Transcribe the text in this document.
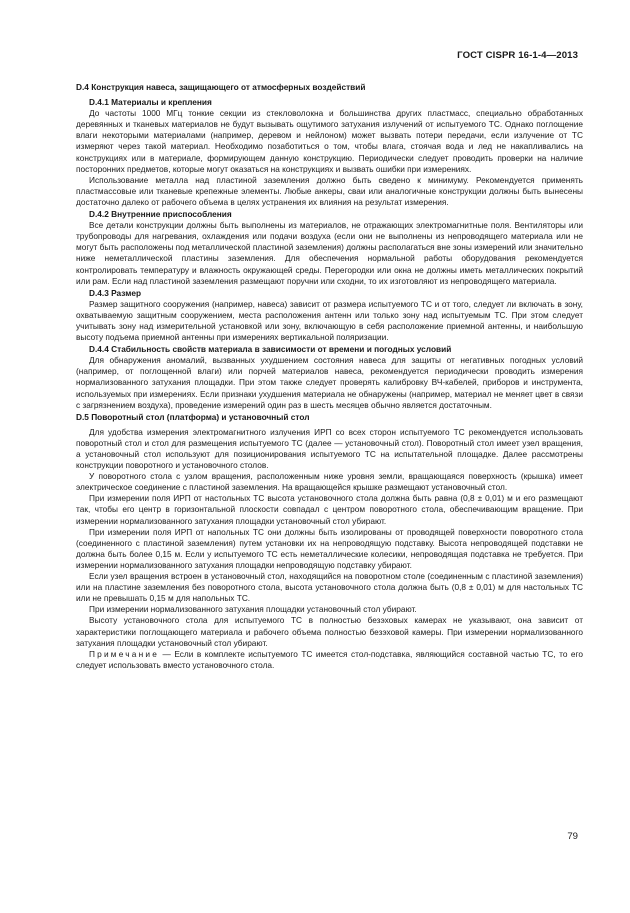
ГОСТ CISPR 16-1-4—2013
D.4 Конструкция навеса, защищающего от атмосферных воздействий
D.4.1 Материалы и крепления

До частоты 1000 МГц тонкие секции из стекловолокна и большинства других пластмасс, специально обработанных деревянных и тканевых материалов не будут вызывать ощутимого затухания излучений от испытуемого ТС. Однако поглощение влаги некоторыми материалами (например, деревом и нейлоном) может вызвать потери передачи, если излучение от ТС измеряют через такой материал. Необходимо позаботиться о том, чтобы влага, стоячая вода и лед не накапливались на конструкциях или в материале, формирующем данную конструкцию. Периодически следует проводить проверки на наличие посторонних предметов, которые могут оказаться на конструкциях и вызвать ошибки при измерениях.

Использование металла над пластиной заземления должно быть сведено к минимуму. Рекомендуется применять пластмассовые или тканевые крепежные элементы. Любые анкеры, сваи или аналогичные конструкции должны быть вынесены достаточно далеко от рабочего объема в целях устранения их влияния на результат измерения.

D.4.2 Внутренние приспособления

Все детали конструкции должны быть выполнены из материалов, не отражающих электромагнитные поля. Вентиляторы или трубопроводы для нагревания, охлаждения или подачи воздуха (если они не выполнены из непроводящего материала или не могут быть расположены под металлической пластиной заземления) должны располагаться вне зоны измерений или значительно ниже неметаллической пластины заземления. Для обеспечения нормальной работы оборудования рекомендуется контролировать температуру и влажность окружающей среды. Перегородки или окна не должны иметь металлических покрытий или рам. Если над пластиной заземления размещают поручни или сходни, то их изготовляют из непроводящего материала.

D.4.3 Размер

Размер защитного сооружения (например, навеса) зависит от размера испытуемого ТС и от того, следует ли включать в зону, охватываемую защитным сооружением, места расположения антенн или только зону над испытуемым ТС. При этом следует учитывать зону над измерительной установкой или зону, включающую в себя расположение приемной антенны, и наибольшую высоту подъема приемной антенны при измерениях вертикальной поляризации.

D.4.4 Стабильность свойств материала в зависимости от времени и погодных условий

Для обнаружения аномалий, вызванных ухудшением состояния навеса для защиты от негативных погодных условий (например, от поглощенной влаги) или порчей материалов навеса, рекомендуется периодически проводить измерения нормализованного затухания площадки. При этом также следует проверять калибровку ВЧ-кабелей, приборов и инструмента, используемых при измерениях. Если признаки ухудшения материала не обнаружены (например, материал не меняет цвет в связи с загрязнением воздуха), проведение измерений один раз в шесть месяцев обычно является достаточным.

D.5 Поворотный стол (платформа) и установочный стол

Для удобства измерения электромагнитного излучения ИРП со всех сторон испытуемого ТС рекомендуется использовать поворотный стол и стол для размещения испытуемого ТС (далее — установочный стол). Поворотный стол имеет узел вращения, а установочный стол используют для позиционирования испытуемого ТС на испытательной площадке. Далее рассмотрены конструкции поворотного и установочного столов.

У поворотного стола с узлом вращения, расположенным ниже уровня земли, вращающаяся поверхность (крышка) имеет электрическое соединение с пластиной заземления. На вращающейся крышке размещают установочный стол.

При измерении поля ИРП от настольных ТС высота установочного стола должна быть равна (0,8 ± 0,01) м и его размещают так, чтобы его центр в горизонтальной плоскости совпадал с центром поворотного стола, обеспечивающим вращение. При измерении нормализованного затухания площадки установочный стол убирают.

При измерении поля ИРП от напольных ТС они должны быть изолированы от проводящей поверхности поворотного стола (соединенного с пластиной заземления) путем установки их на непроводящую подставку. Высота непроводящей подставки не должна быть более 0,15 м. Если у испытуемого ТС есть неметаллические колесики, непроводящая подставка не требуется. При измерении нормализованного затухания площадки непроводящую подставку убирают.

Если узел вращения встроен в установочный стол, находящийся на поворотном столе (соединенным с пластиной заземления) или на пластине заземления без поворотного стола, высота установочного стола должна быть (0,8 ± 0,01) м для настольных ТС или не превышать 0,15 м для напольных ТС.

При измерении нормализованного затухания площадки установочный стол убирают.

Высоту установочного стола для испытуемого ТС в полностью безэховых камерах не указывают, она зависит от характеристики поглощающего материала и рабочего объема полностью безэховой камеры. При измерении нормализованного затухания площадки установочный стол убирают.

Примечание — Если в комплекте испытуемого ТС имеется стол-подставка, являющийся составной частью ТС, то его следует использовать вместо установочного стола.

79
